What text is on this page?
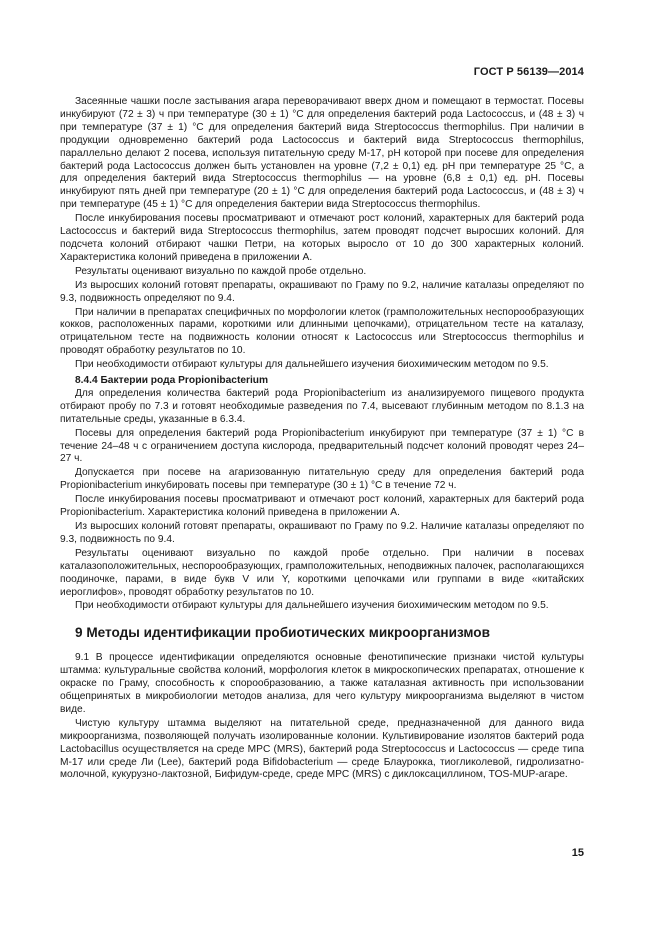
ГОСТ Р 56139—2014

Засеянные чашки после застывания агара переворачивают вверх дном и помещают в термостат. Посевы инкубируют (72 ± 3) ч при температуре (30 ± 1) °С для определения бактерий рода Lactococcus, и (48 ± 3) ч при температуре (37 ± 1) °С для определения бактерий вида Streptococcus thermophilus. При наличии в продукции одновременно бактерий рода Lactococcus и бактерий вида Streptococcus thermophilus, параллельно делают 2 посева, используя питательную среду М-17, рН которой при посеве для определения бактерий рода Lactococcus должен быть установлен на уровне (7,2 ± 0,1) ед. рН при температуре 25 °С, а для определения бактерий вида Streptococcus thermophilus — на уровне (6,8 ± 0,1) ед. рН. Посевы инкубируют пять дней при температуре (20 ± 1) °С для определения бактерий рода Lactococcus, и (48 ± 3) ч при температуре (45 ± 1) °С для определения бактерии вида Streptococcus thermophilus.

После инкубирования посевы просматривают и отмечают рост колоний, характерных для бактерий рода Lactococcus и бактерий вида Streptococcus thermophilus, затем проводят подсчет выросших колоний. Для подсчета колоний отбирают чашки Петри, на которых выросло от 10 до 300 характерных колоний. Характеристика колоний приведена в приложении А.

Результаты оценивают визуально по каждой пробе отдельно.

Из выросших колоний готовят препараты, окрашивают по Граму по 9.2, наличие каталазы определяют по 9.3, подвижность определяют по 9.4.

При наличии в препаратах специфичных по морфологии клеток (грамположительных неспорообразующих кокков, расположенных парами, короткими или длинными цепочками), отрицательном тесте на каталазу, отрицательном тесте на подвижность колонии относят к Lactococcus или Streptococcus thermophilus и проводят обработку результатов по 10.

При необходимости отбирают культуры для дальнейшего изучения биохимическим методом по 9.5.

8.4.4 Бактерии рода Propionibacterium

Для определения количества бактерий рода Propionibacterium из анализируемого пищевого продукта отбирают пробу по 7.3 и готовят необходимые разведения по 7.4, высевают глубинным методом по 8.1.3 на питательные среды, указанные в 6.3.4.

Посевы для определения бактерий рода Propionibacterium инкубируют при температуре (37 ± 1) °С в течение 24–48 ч с ограничением доступа кислорода, предварительный подсчет колоний проводят через 24–27 ч.

Допускается при посеве на агаризованную питательную среду для определения бактерий рода Propionibacterium инкубировать посевы при температуре (30 ± 1) °С в течение 72 ч.

После инкубирования посевы просматривают и отмечают рост колоний, характерных для бактерий рода Propionibacterium. Характеристика колоний приведена в приложении А.

Из выросших колоний готовят препараты, окрашивают по Граму по 9.2. Наличие каталазы определяют по 9.3, подвижность по 9.4.

Результаты оценивают визуально по каждой пробе отдельно. При наличии в посевах каталазоположительных, неспорообразующих, грамположительных, неподвижных палочек, располагающихся поодиночке, парами, в виде букв V или Y, короткими цепочками или группами в виде «китайских иероглифов», проводят обработку результатов по 10.

При необходимости отбирают культуры для дальнейшего изучения биохимическим методом по 9.5.

9 Методы идентификации пробиотических микроорганизмов

9.1 В процессе идентификации определяются основные фенотипические признаки чистой культуры штамма: культуральные свойства колоний, морфология клеток в микроскопических препаратах, отношение к окраске по Граму, способность к спорообразованию, а также каталазная активность при использовании общепринятых в микробиологии методов анализа, для чего культуру микроорганизма выделяют в чистом виде.

Чистую культуру штамма выделяют на питательной среде, предназначенной для данного вида микроорганизма, позволяющей получать изолированные колонии. Культивирование изолятов бактерий рода Lactobacillus осуществляется на среде MPC (MRS), бактерий рода Streptococcus и Lactococcus — среде типа М-17 или среде Ли (Lee), бактерий рода Bifidobacterium — среде Блаурокка, тиогликолевой, гидролизатно-молочной, кукурузно-лактозной, Бифидум-среде, среде MPC (MRS) с диклоксациллином, TOS-MUP-агаре.

15
